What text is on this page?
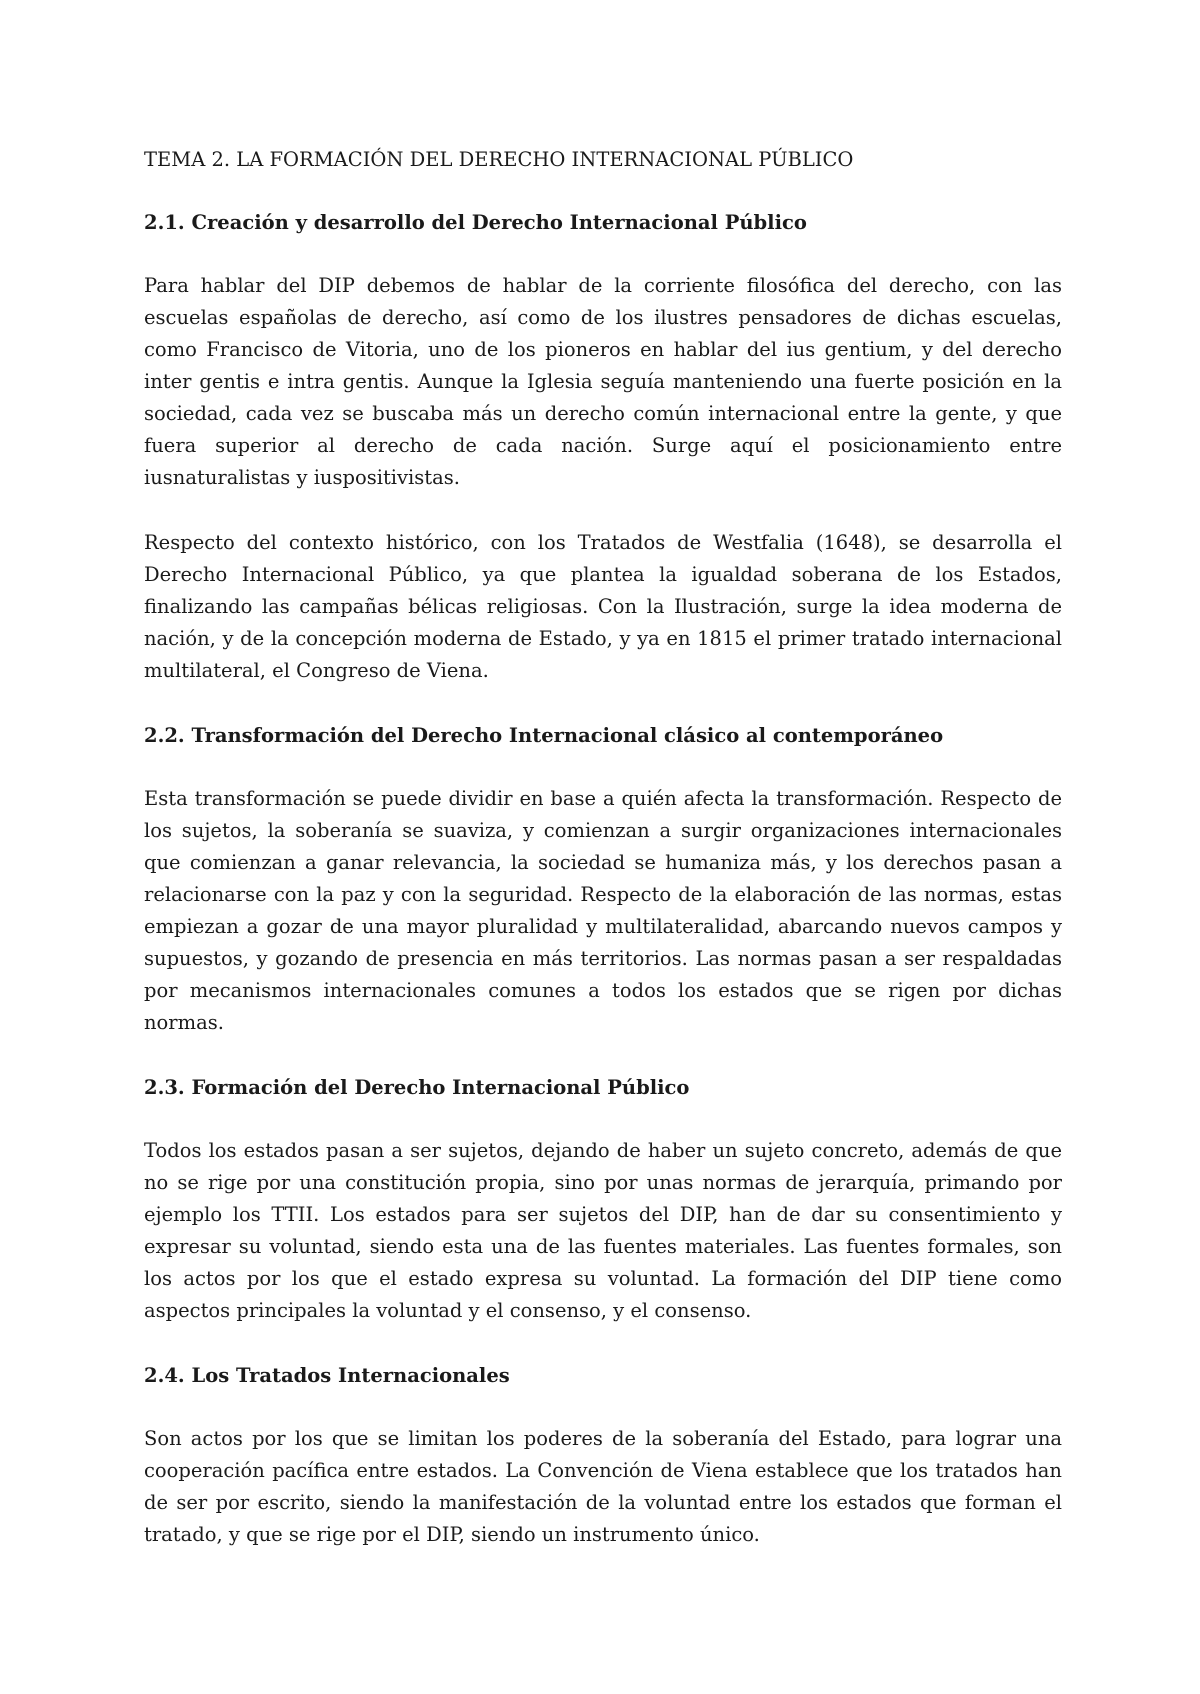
TEMA 2. LA FORMACIÓN DEL DERECHO INTERNACIONAL PÚBLICO
2.1. Creación y desarrollo del Derecho Internacional Público

Para hablar del DIP debemos de hablar de la corriente filosófica del derecho, con las escuelas españolas de derecho, así como de los ilustres pensadores de dichas escuelas, como Francisco de Vitoria, uno de los pioneros en hablar del ius gentium, y del derecho inter gentis e intra gentis. Aunque la Iglesia seguía manteniendo una fuerte posición en la sociedad, cada vez se buscaba más un derecho común internacional entre la gente, y que fuera superior al derecho de cada nación. Surge aquí el posicionamiento entre iusnaturalistas y iuspositivistas.

Respecto del contexto histórico, con los Tratados de Westfalia (1648), se desarrolla el Derecho Internacional Público, ya que plantea la igualdad soberana de los Estados, finalizando las campañas bélicas religiosas. Con la Ilustración, surge la idea moderna de nación, y de la concepción moderna de Estado, y ya en 1815 el primer tratado internacional multilateral, el Congreso de Viena.

2.2. Transformación del Derecho Internacional clásico al contemporáneo

Esta transformación se puede dividir en base a quién afecta la transformación. Respecto de los sujetos, la soberanía se suaviza, y comienzan a surgir organizaciones internacionales que comienzan a ganar relevancia, la sociedad se humaniza más, y los derechos pasan a relacionarse con la paz y con la seguridad. Respecto de la elaboración de las normas, estas empiezan a gozar de una mayor pluralidad y multilateralidad, abarcando nuevos campos y supuestos, y gozando de presencia en más territorios. Las normas pasan a ser respaldadas por mecanismos internacionales comunes a todos los estados que se rigen por dichas normas.

2.3. Formación del Derecho Internacional Público

Todos los estados pasan a ser sujetos, dejando de haber un sujeto concreto, además de que no se rige por una constitución propia, sino por unas normas de jerarquía, primando por ejemplo los TTII. Los estados para ser sujetos del DIP, han de dar su consentimiento y expresar su voluntad, siendo esta una de las fuentes materiales. Las fuentes formales, son los actos por los que el estado expresa su voluntad. La formación del DIP tiene como aspectos principales la voluntad y el consenso, y el consenso.

2.4. Los Tratados Internacionales

Son actos por los que se limitan los poderes de la soberanía del Estado, para lograr una cooperación pacífica entre estados. La Convención de Viena establece que los tratados han de ser por escrito, siendo la manifestación de la voluntad entre los estados que forman el tratado, y que se rige por el DIP, siendo un instrumento único.
